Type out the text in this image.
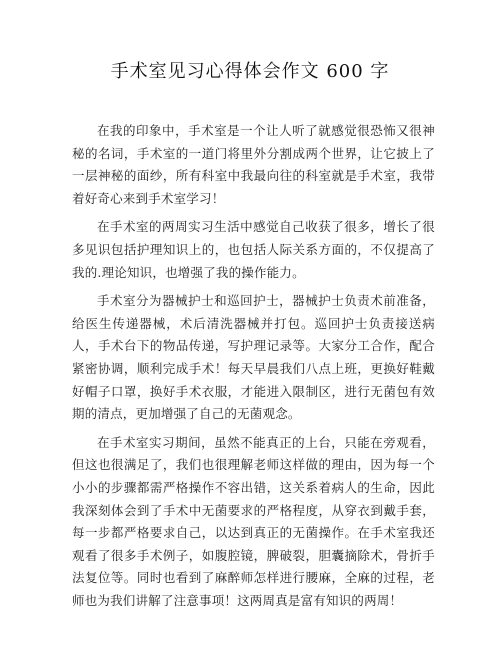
手术室见习心得体会作文 600 字

在我的印象中，手术室是一个让人听了就感觉很恐怖又很神秘的名词，手术室的一道门将里外分割成两个世界，让它披上了一层神秘的面纱，所有科室中我最向往的科室就是手术室，我带着好奇心来到手术室学习！

在手术室的两周实习生活中感觉自己收获了很多，增长了很多见识包括护理知识上的，也包括人际关系方面的，不仅提高了我的.理论知识，也增强了我的操作能力。

手术室分为器械护士和巡回护士，器械护士负责术前准备，给医生传递器械，术后清洗器械并打包。巡回护士负责接送病人，手术台下的物品传递，写护理记录等。大家分工合作，配合紧密协调，顺利完成手术！每天早晨我们八点上班，更换好鞋戴好帽子口罩，换好手术衣服，才能进入限制区，进行无菌包有效期的清点，更加增强了自己的无菌观念。

在手术室实习期间，虽然不能真正的上台，只能在旁观看，但这也很满足了，我们也很理解老师这样做的理由，因为每一个小小的步骤都需严格操作不容出错，这关系着病人的生命，因此我深刻体会到了手术中无菌要求的严格程度，从穿衣到戴手套，每一步都严格要求自己，以达到真正的无菌操作。在手术室我还观看了很多手术例子，如腹腔镜，脾破裂，胆囊摘除术，骨折手法复位等。同时也看到了麻醉师怎样进行腰麻，全麻的过程，老师也为我们讲解了注意事项！这两周真是富有知识的两周！
